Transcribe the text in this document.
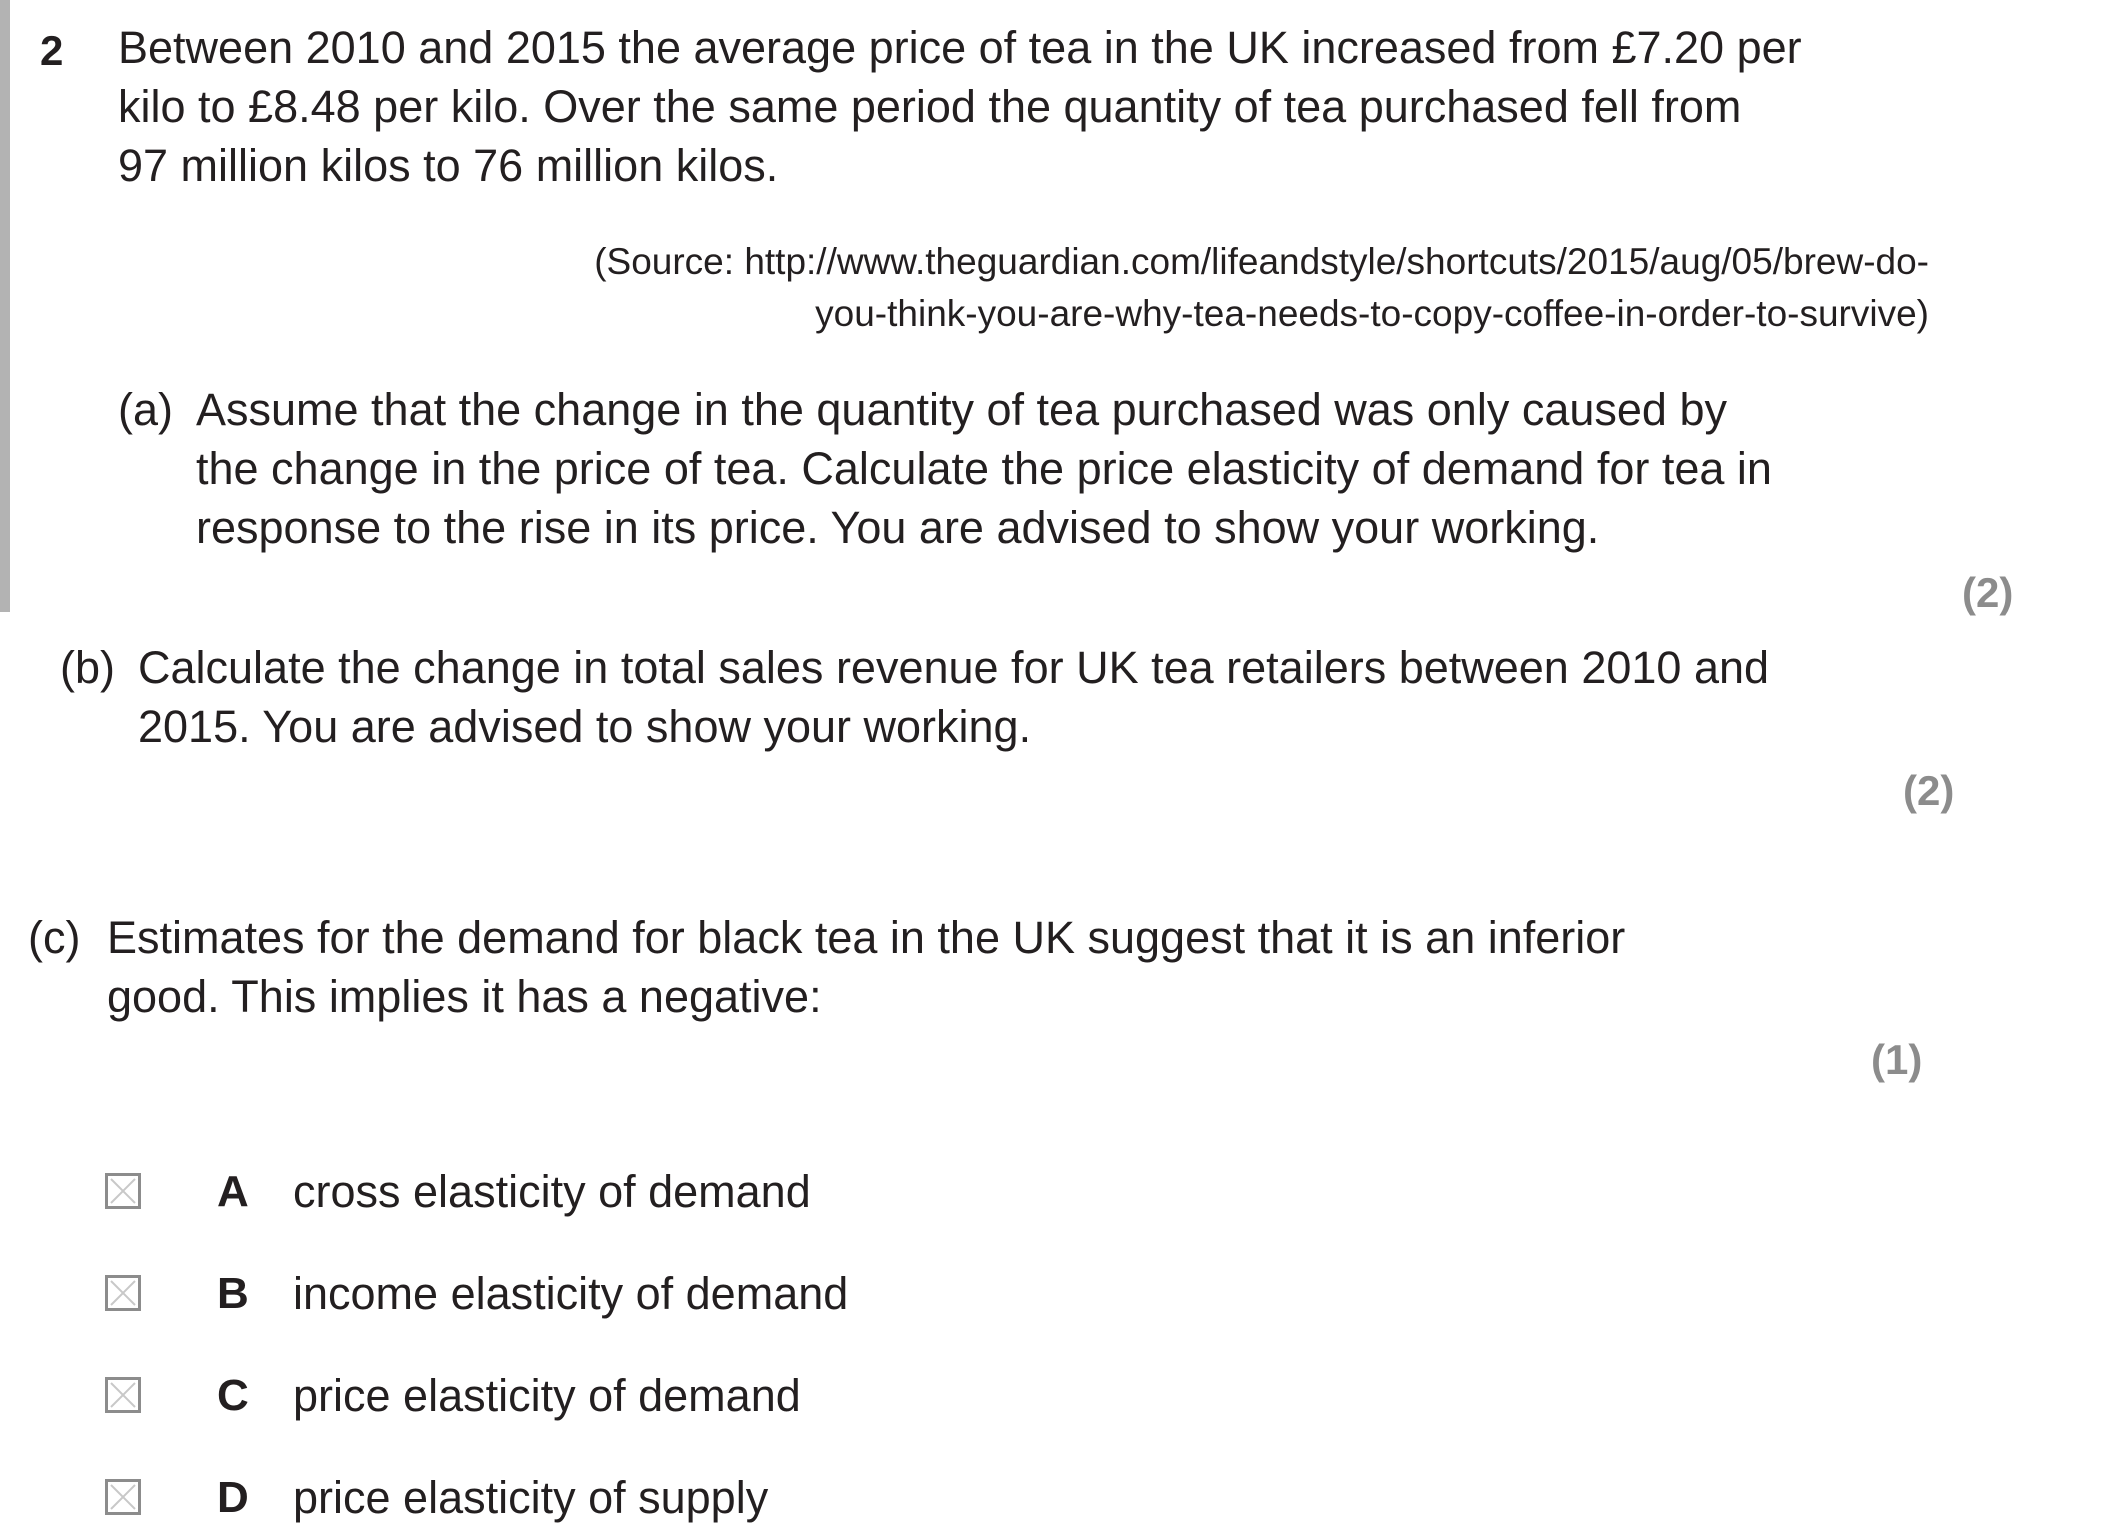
2 Between 2010 and 2015 the average price of tea in the UK increased from £7.20 per
kilo to £8.48 per kilo. Over the same period the quantity of tea purchased fell from
97 million kilos to 76 million kilos.
(Source: http://www.theguardian.com/lifeandstyle/shortcuts/2015/aug/05/brew-do-
you-think-you-are-why-tea-needs-to-copy-coffee-in-order-to-survive)
(a) Assume that the change in the quantity of tea purchased was only caused by
the change in the price of tea. Calculate the price elasticity of demand for tea in
response to the rise in its price. You are advised to show your working.
(2)
(b) Calculate the change in total sales revenue for UK tea retailers between 2010 and
2015. You are advised to show your working.
(2)
(c) Estimates for the demand for black tea in the UK suggest that it is an inferior
good. This implies it has a negative:
(1)
A cross elasticity of demand
B income elasticity of demand
C price elasticity of demand
D price elasticity of supply
